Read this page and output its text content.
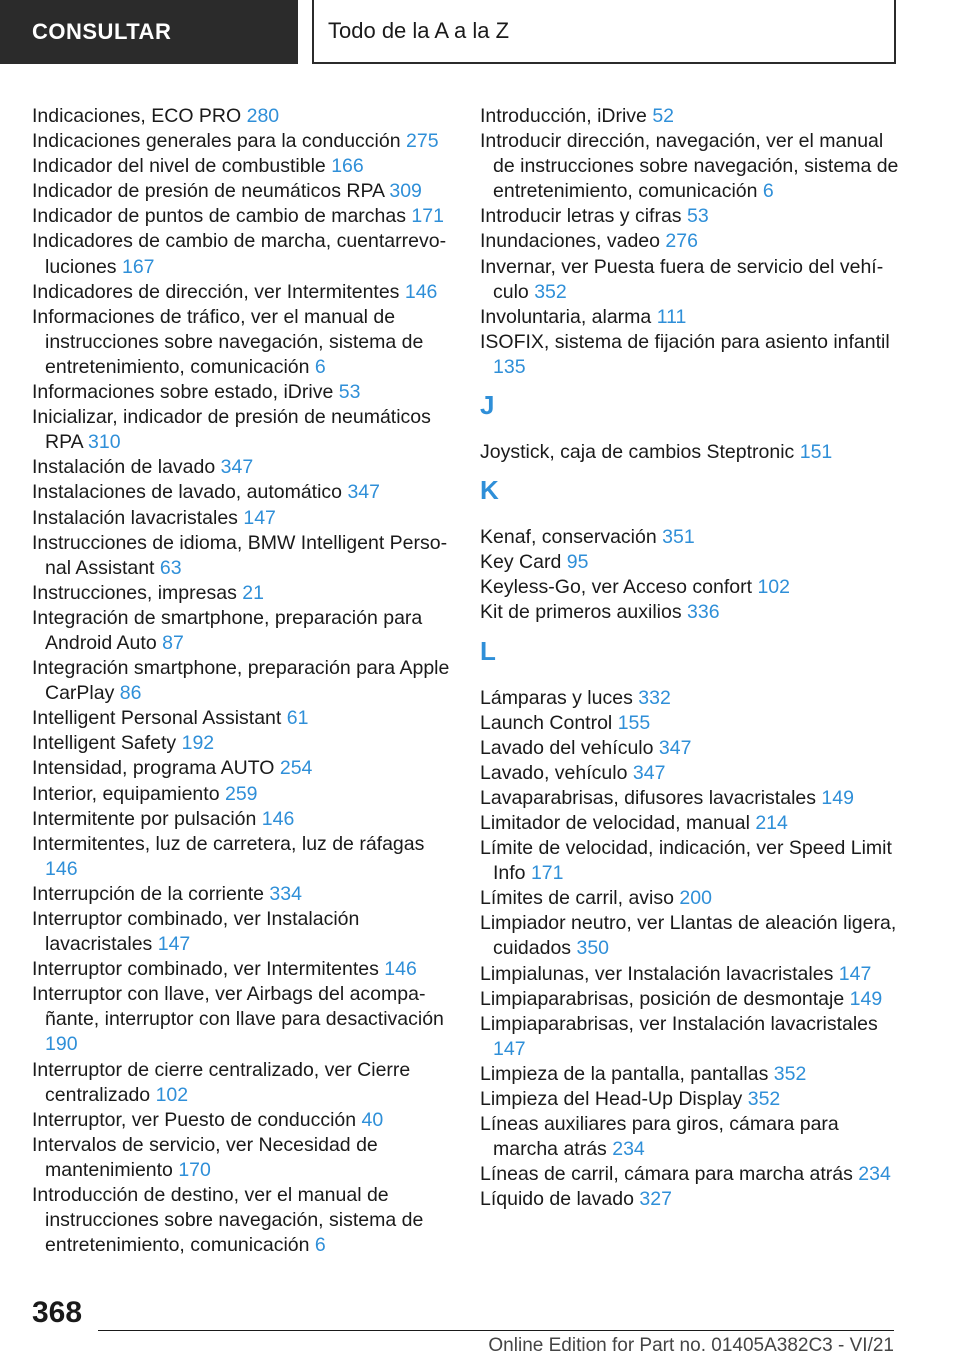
CONSULTAR	Todo de la A a la Z
Indicaciones, ECO PRO 280
Indicaciones generales para la conducción 275
Indicador del nivel de combustible 166
Indicador de presión de neumáticos RPA 309
Indicador de puntos de cambio de marchas 171
Indicadores de cambio de marcha, cuentarrevoluciones 167
Indicadores de dirección, ver Intermitentes 146
Informaciones de tráfico, ver el manual de instrucciones sobre navegación, sistema de entretenimiento, comunicación 6
Informaciones sobre estado, iDrive 53
Inicializar, indicador de presión de neumáticos RPA 310
Instalación de lavado 347
Instalaciones de lavado, automático 347
Instalación lavacristales 147
Instrucciones de idioma, BMW Intelligent Personal Assistant 63
Instrucciones, impresas 21
Integración de smartphone, preparación para Android Auto 87
Integración smartphone, preparación para Apple CarPlay 86
Intelligent Personal Assistant 61
Intelligent Safety 192
Intensidad, programa AUTO 254
Interior, equipamiento 259
Intermitente por pulsación 146
Intermitentes, luz de carretera, luz de ráfagas 146
Interrupción de la corriente 334
Interruptor combinado, ver Instalación lavacristales 147
Interruptor combinado, ver Intermitentes 146
Interruptor con llave, ver Airbags del acompañante, interruptor con llave para desactivación 190
Interruptor de cierre centralizado, ver Cierre centralizado 102
Interruptor, ver Puesto de conducción 40
Intervalos de servicio, ver Necesidad de mantenimiento 170
Introducción de destino, ver el manual de instrucciones sobre navegación, sistema de entretenimiento, comunicación 6
Introducción, iDrive 52
Introducir dirección, navegación, ver el manual de instrucciones sobre navegación, sistema de entretenimiento, comunicación 6
Introducir letras y cifras 53
Inundaciones, vadeo 276
Invernar, ver Puesta fuera de servicio del vehículo 352
Involuntaria, alarma 111
ISOFIX, sistema de fijación para asiento infantil 135
J
Joystick, caja de cambios Steptronic 151
K
Kenaf, conservación 351
Key Card 95
Keyless-Go, ver Acceso confort 102
Kit de primeros auxilios 336
L
Lámparas y luces 332
Launch Control 155
Lavado del vehículo 347
Lavado, vehículo 347
Lavaparabrisas, difusores lavacristales 149
Limitador de velocidad, manual 214
Límite de velocidad, indicación, ver Speed Limit Info 171
Límites de carril, aviso 200
Limpiador neutro, ver Llantas de aleación ligera, cuidados 350
Limpialunas, ver Instalación lavacristales 147
Limpiaparabrisas, posición de desmontaje 149
Limpiaparabrisas, ver Instalación lavacristales 147
Limpieza de la pantalla, pantallas 352
Limpieza del Head-Up Display 352
Líneas auxiliares para giros, cámara para marcha atrás 234
Líneas de carril, cámara para marcha atrás 234
Líquido de lavado 327
368
Online Edition for Part no. 01405A382C3 - VI/21
